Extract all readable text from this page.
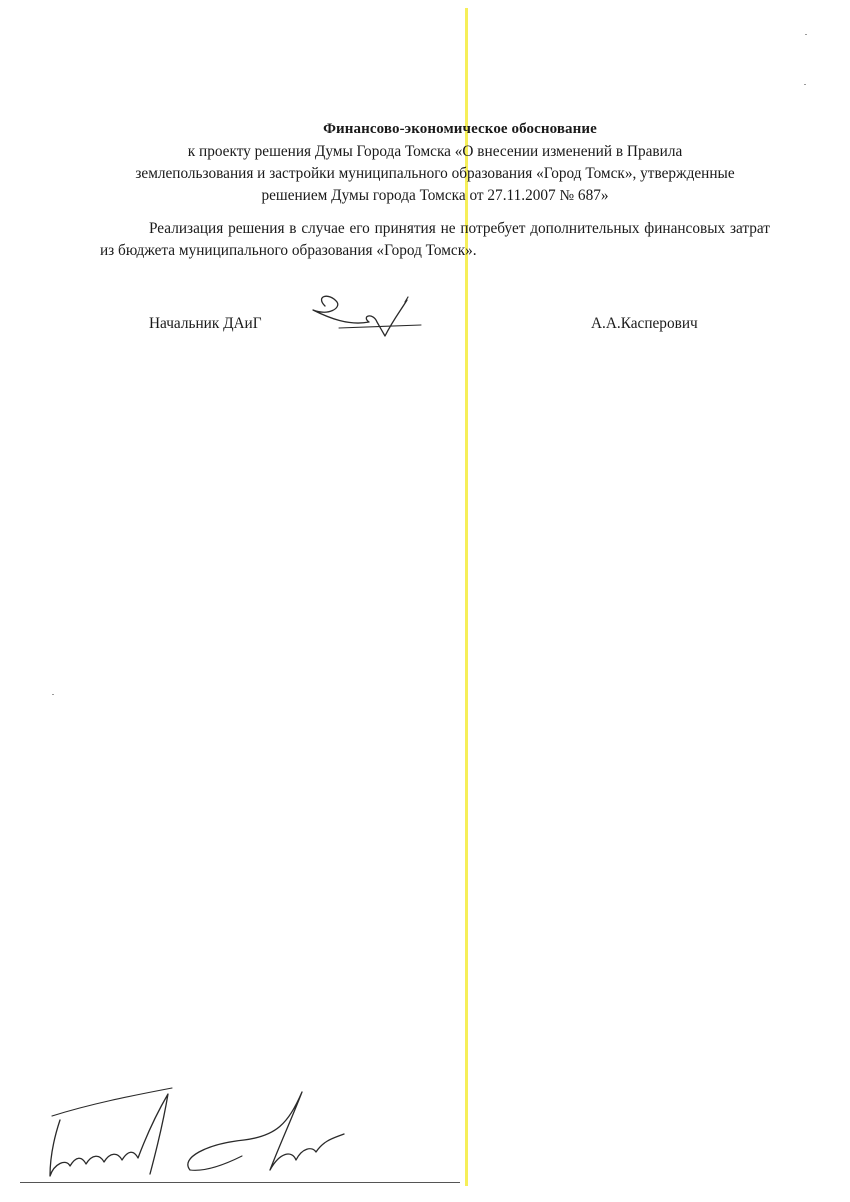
Финансово-экономическое обоснование
к проекту решения Думы Города Томска «О внесении изменений в Правила
землепользования и застройки муниципального образования «Город Томск», утвержденные
решением Думы города Томска от 27.11.2007 № 687»
Реализация решения в случае его принятия не потребует дополнительных финансовых затрат из бюджета муниципального образования «Город Томск».
Начальник ДАиГ	А.А.Касперович
